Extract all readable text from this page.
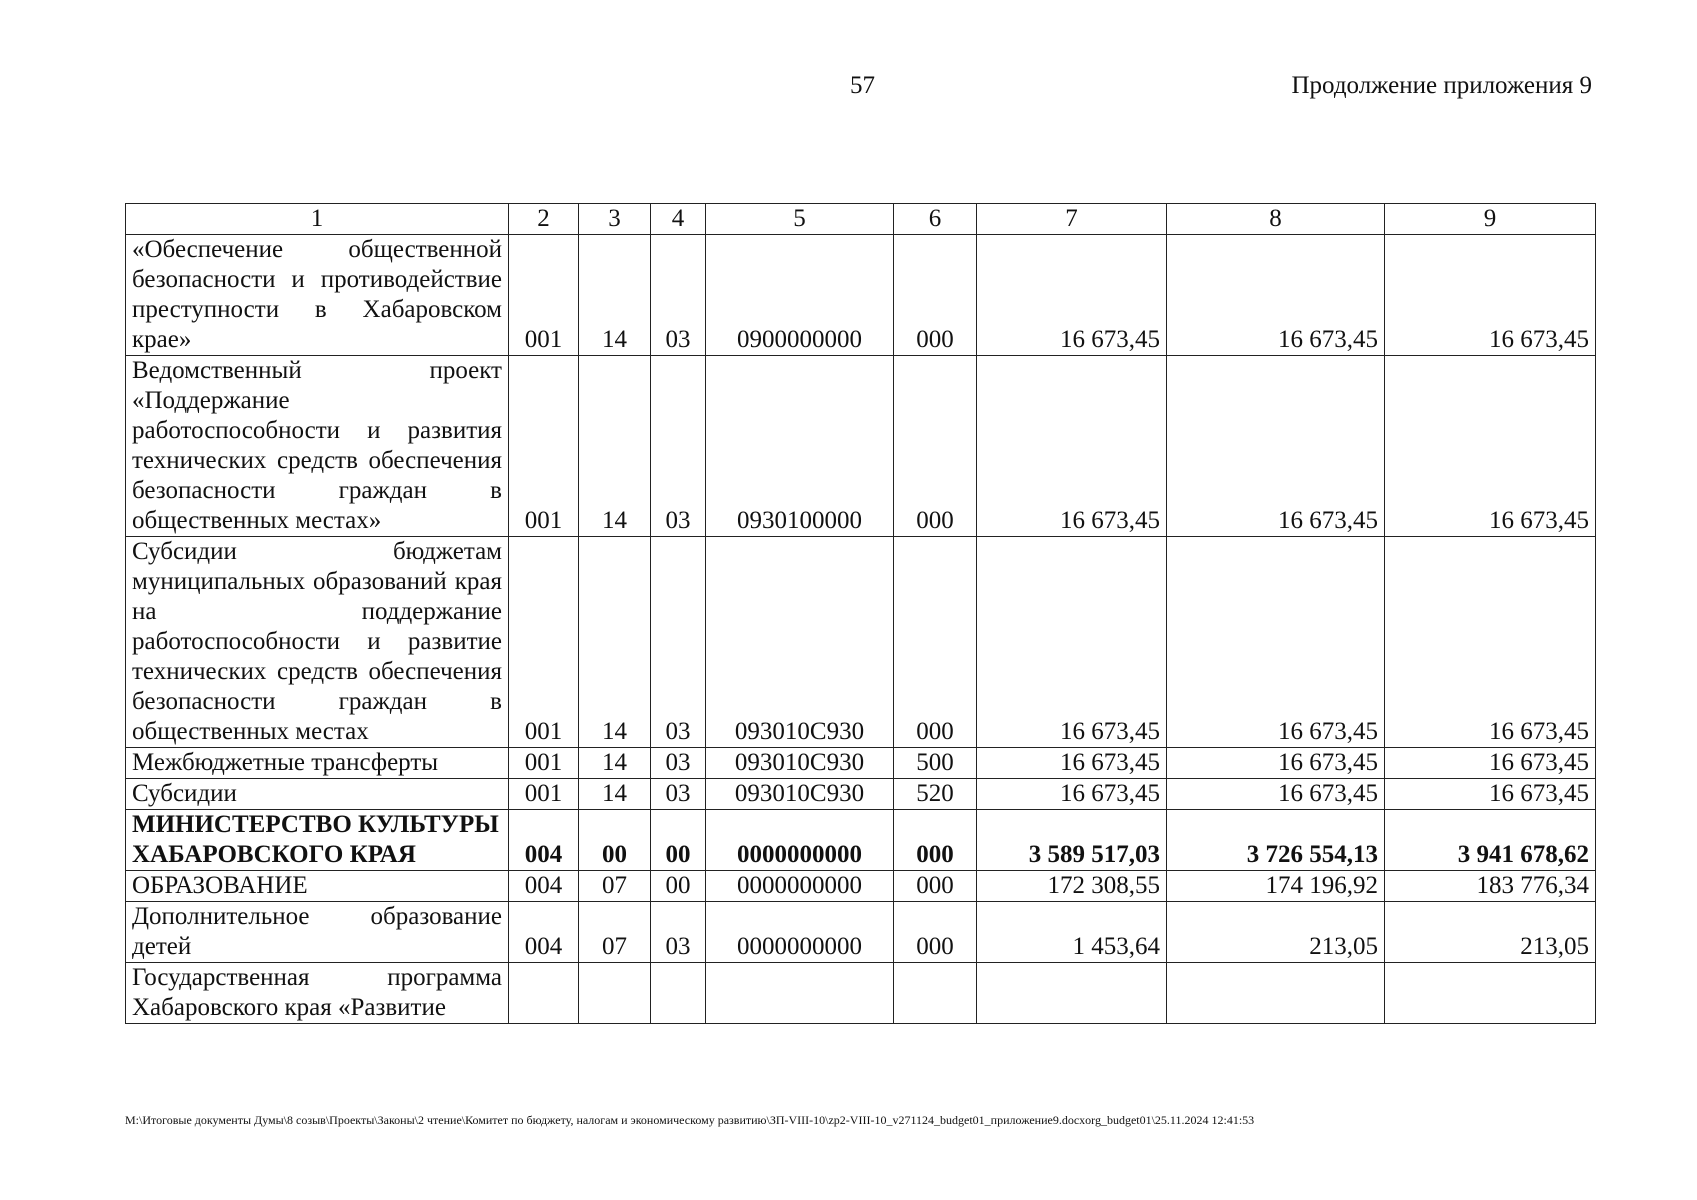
57	Продолжение приложения 9
1	2	3	4	5	6	7	8	9
«Обеспечение общественной безопасности и противодействие преступности в Хабаровском крае»	001	14	03	0900000000	000	16 673,45	16 673,45	16 673,45
Ведомственный проект «Поддержание работоспособности и развития технических средств обеспечения безопасности граждан в общественных местах»	001	14	03	0930100000	000	16 673,45	16 673,45	16 673,45
Субсидии бюджетам муниципальных образований края на поддержание работоспособности и развитие технических средств обеспечения безопасности граждан в общественных местах	001	14	03	093010С930	000	16 673,45	16 673,45	16 673,45
Межбюджетные трансферты	001	14	03	093010С930	500	16 673,45	16 673,45	16 673,45
Субсидии	001	14	03	093010С930	520	16 673,45	16 673,45	16 673,45
МИНИСТЕРСТВО КУЛЬТУРЫ ХАБАРОВСКОГО КРАЯ	004	00	00	0000000000	000	3 589 517,03	3 726 554,13	3 941 678,62
ОБРАЗОВАНИЕ	004	07	00	0000000000	000	172 308,55	174 196,92	183 776,34
Дополнительное образование детей	004	07	03	0000000000	000	1 453,64	213,05	213,05
Государственная программа Хабаровского края «Развитие								
M:\Итоговые документы Думы\8 созыв\Проекты\Законы\2 чтение\Комитет по бюджету, налогам и экономическому развитию\ЗП-VIII-10\zp2-VIII-10_v271124_budget01_приложение9.docxorg_budget01\25.11.2024 12:41:53
